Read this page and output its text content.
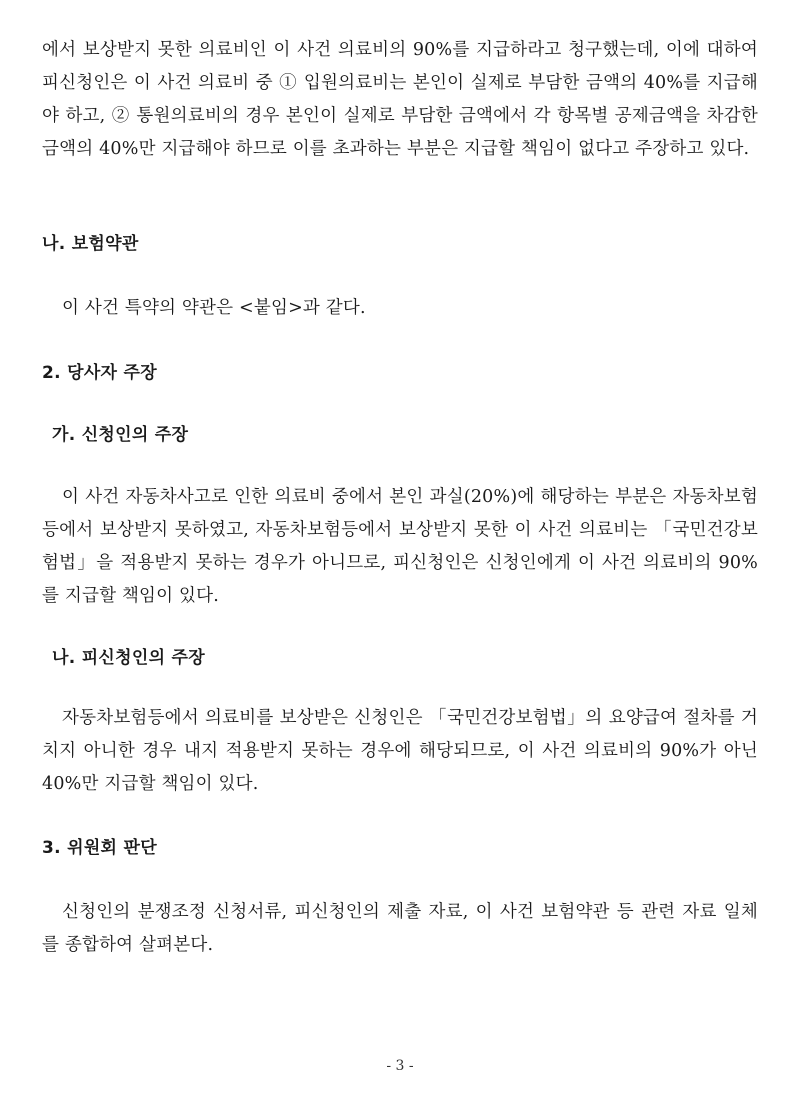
에서 보상받지 못한 의료비인 이 사건 의료비의 90%를 지급하라고 청구했는데, 이에 대하여 피신청인은 이 사건 의료비 중 ① 입원의료비는 본인이 실제로 부담한 금액의 40%를 지급해야 하고, ② 통원의료비의 경우 본인이 실제로 부담한 금액에서 각 항목별 공제금액을 차감한 금액의 40%만 지급해야 하므로 이를 초과하는 부분은 지급할 책임이 없다고 주장하고 있다.

나. 보험약관

이 사건 특약의 약관은 <붙임>과 같다.

2. 당사자 주장
가. 신청인의 주장

이 사건 자동차사고로 인한 의료비 중에서 본인 과실(20%)에 해당하는 부분은 자동차보험등에서 보상받지 못하였고, 자동차보험등에서 보상받지 못한 이 사건 의료비는 「국민건강보험법」을 적용받지 못하는 경우가 아니므로, 피신청인은 신청인에게 이 사건 의료비의 90%를 지급할 책임이 있다.

나. 피신청인의 주장

자동차보험등에서 의료비를 보상받은 신청인은 「국민건강보험법」의 요양급여 절차를 거치지 아니한 경우 내지 적용받지 못하는 경우에 해당되므로, 이 사건 의료비의 90%가 아닌 40%만 지급할 책임이 있다.

3. 위원회 판단

신청인의 분쟁조정 신청서류, 피신청인의 제출 자료, 이 사건 보험약관 등 관련 자료 일체를 종합하여 살펴본다.

- 3 -
